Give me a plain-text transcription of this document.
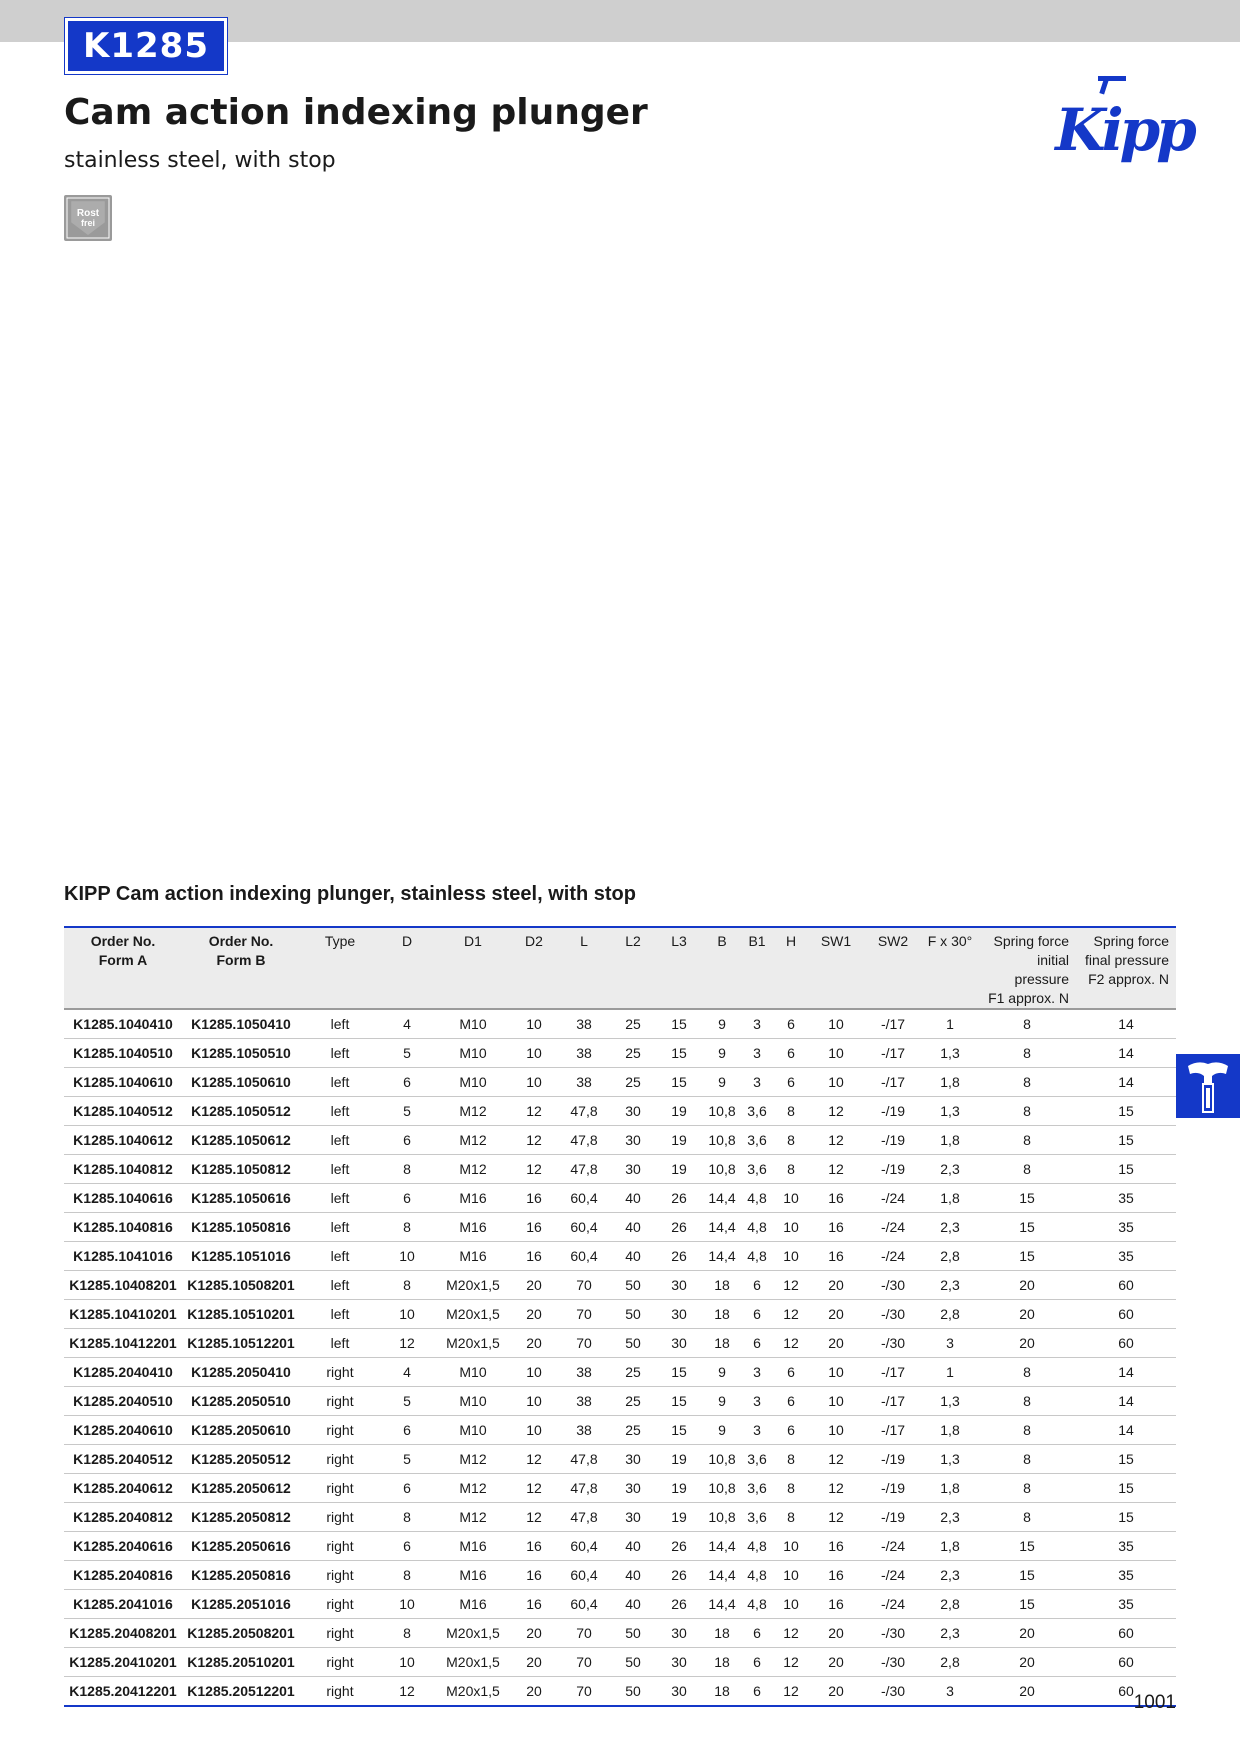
K1285
Cam action indexing plunger

stainless steel, with stop

Rost
frei
Kipp
KIPP Cam action indexing plunger, stainless steel, with stop
Order No.
Form A	Order No.
Form B	Type	D	D1	D2	L	L2	L3	B	B1	H	SW1	SW2	F x 30°	Spring force
initial pressure
F1 approx. N	Spring force
final pressure
F2 approx. N
K1285.1040410	K1285.1050410	left	4	M10	10	38	25	15	9	3	6	10	-/17	1	8	14
K1285.1040510	K1285.1050510	left	5	M10	10	38	25	15	9	3	6	10	-/17	1,3	8	14
K1285.1040610	K1285.1050610	left	6	M10	10	38	25	15	9	3	6	10	-/17	1,8	8	14
K1285.1040512	K1285.1050512	left	5	M12	12	47,8	30	19	10,8	3,6	8	12	-/19	1,3	8	15
K1285.1040612	K1285.1050612	left	6	M12	12	47,8	30	19	10,8	3,6	8	12	-/19	1,8	8	15
K1285.1040812	K1285.1050812	left	8	M12	12	47,8	30	19	10,8	3,6	8	12	-/19	2,3	8	15
K1285.1040616	K1285.1050616	left	6	M16	16	60,4	40	26	14,4	4,8	10	16	-/24	1,8	15	35
K1285.1040816	K1285.1050816	left	8	M16	16	60,4	40	26	14,4	4,8	10	16	-/24	2,3	15	35
K1285.1041016	K1285.1051016	left	10	M16	16	60,4	40	26	14,4	4,8	10	16	-/24	2,8	15	35
K1285.10408201	K1285.10508201	left	8	M20x1,5	20	70	50	30	18	6	12	20	-/30	2,3	20	60
K1285.10410201	K1285.10510201	left	10	M20x1,5	20	70	50	30	18	6	12	20	-/30	2,8	20	60
K1285.10412201	K1285.10512201	left	12	M20x1,5	20	70	50	30	18	6	12	20	-/30	3	20	60
K1285.2040410	K1285.2050410	right	4	M10	10	38	25	15	9	3	6	10	-/17	1	8	14
K1285.2040510	K1285.2050510	right	5	M10	10	38	25	15	9	3	6	10	-/17	1,3	8	14
K1285.2040610	K1285.2050610	right	6	M10	10	38	25	15	9	3	6	10	-/17	1,8	8	14
K1285.2040512	K1285.2050512	right	5	M12	12	47,8	30	19	10,8	3,6	8	12	-/19	1,3	8	15
K1285.2040612	K1285.2050612	right	6	M12	12	47,8	30	19	10,8	3,6	8	12	-/19	1,8	8	15
K1285.2040812	K1285.2050812	right	8	M12	12	47,8	30	19	10,8	3,6	8	12	-/19	2,3	8	15
K1285.2040616	K1285.2050616	right	6	M16	16	60,4	40	26	14,4	4,8	10	16	-/24	1,8	15	35
K1285.2040816	K1285.2050816	right	8	M16	16	60,4	40	26	14,4	4,8	10	16	-/24	2,3	15	35
K1285.2041016	K1285.2051016	right	10	M16	16	60,4	40	26	14,4	4,8	10	16	-/24	2,8	15	35
K1285.20408201	K1285.20508201	right	8	M20x1,5	20	70	50	30	18	6	12	20	-/30	2,3	20	60
K1285.20410201	K1285.20510201	right	10	M20x1,5	20	70	50	30	18	6	12	20	-/30	2,8	20	60
K1285.20412201	K1285.20512201	right	12	M20x1,5	20	70	50	30	18	6	12	20	-/30	3	20	60

1001
